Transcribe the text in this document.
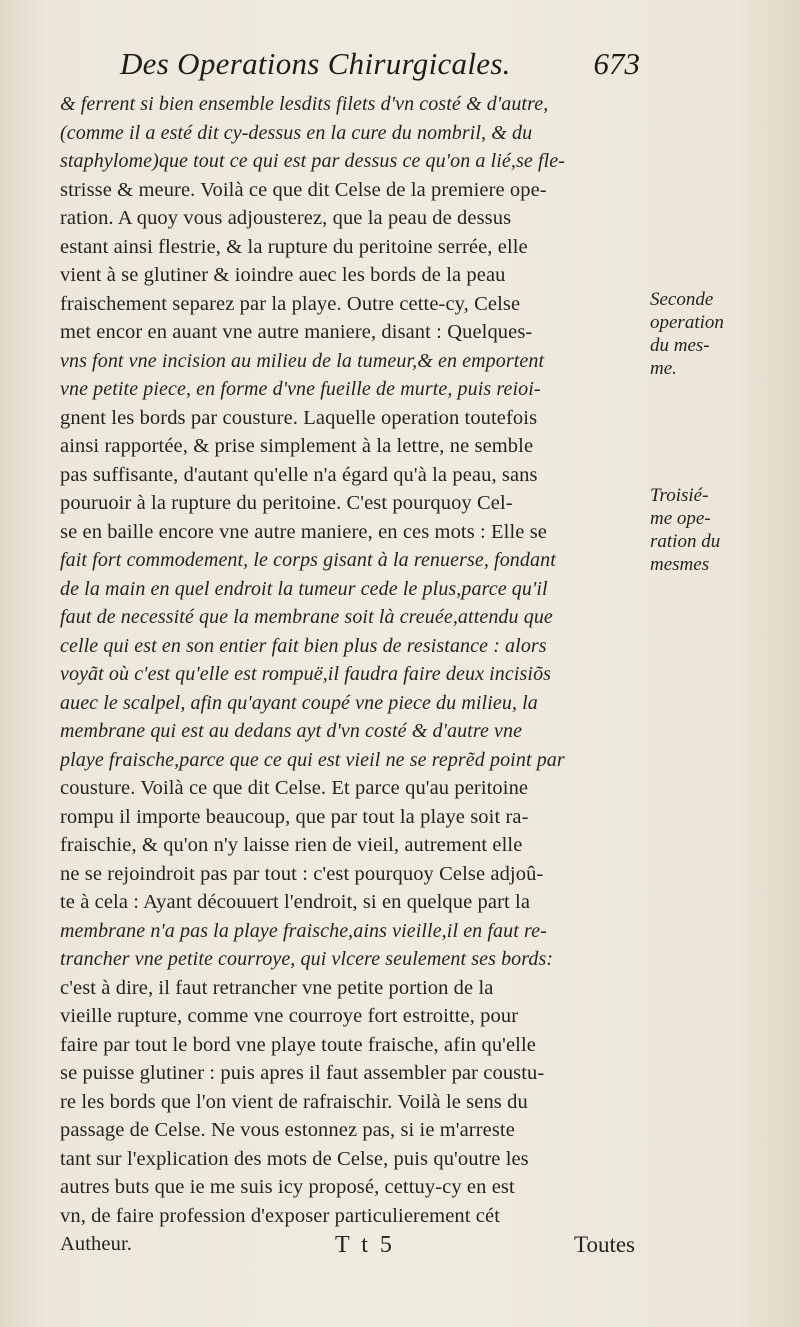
Des Operations Chirurgicales.	673
& ferrent si bien ensemble lesdits filets d'vn costé & d'autre,
(comme il a esté dit cy-dessus en la cure du nombril, & du
staphylome)que tout ce qui est par dessus ce qu'on a lié,se fle-
strisse & meure. Voilà ce que dit Celse de la premiere ope-
ration. A quoy vous adjousterez, que la peau de dessus
estant ainsi flestrie, & la rupture du peritoine serrée, elle
vient à se glutiner & ioindre auec les bords de la peau
fraischement separez par la playe. Outre cette-cy, Celse
met encor en auant vne autre maniere, disant : Quelques-
vns font vne incision au milieu de la tumeur,& en emportent
vne petite piece, en forme d'vne fueille de murte, puis reioi-
gnent les bords par cousture. Laquelle operation toutefois
ainsi rapportée, & prise simplement à la lettre, ne semble
pas suffisante, d'autant qu'elle n'a égard qu'à la peau, sans
pouruoir à la rupture du peritoine. C'est pourquoy Cel-
se en baille encore vne autre maniere, en ces mots : Elle se
fait fort commodement, le corps gisant à la renuerse, fondant
de la main en quel endroit la tumeur cede le plus,parce qu'il
faut de necessité que la membrane soit là creuée,attendu que
celle qui est en son entier fait bien plus de resistance : alors
voyãt où c'est qu'elle est rompuë,il faudra faire deux incisiõs
auec le scalpel, afin qu'ayant coupé vne piece du milieu, la
membrane qui est au dedans ayt d'vn costé & d'autre vne
playe fraische,parce que ce qui est vieil ne se reprẽd point par
cousture. Voilà ce que dit Celse. Et parce qu'au peritoine
rompu il importe beaucoup, que par tout la playe soit ra-
fraischie, & qu'on n'y laisse rien de vieil, autrement elle
ne se rejoindroit pas par tout : c'est pourquoy Celse adjoû-
te à cela : Ayant découuert l'endroit, si en quelque part la
membrane n'a pas la playe fraische,ains vieille,il en faut re-
trancher vne petite courroye, qui vlcere seulement ses bords:
c'est à dire, il faut retrancher vne petite portion de la
vieille rupture, comme vne courroye fort estroitte, pour
faire par tout le bord vne playe toute fraische, afin qu'elle
se puisse glutiner : puis apres il faut assembler par coustu-
re les bords que l'on vient de rafraischir. Voilà le sens du
passage de Celse. Ne vous estonnez pas, si ie m'arreste
tant sur l'explication des mots de Celse, puis qu'outre les
autres buts que ie me suis icy proposé, cettuy-cy en est
vn, de faire profession d'exposer particulierement cét
Autheur.
Seconde
operation
du mes-
me.
Troisié-
me ope-
ration du
mesmes
T t 5	Toutes
